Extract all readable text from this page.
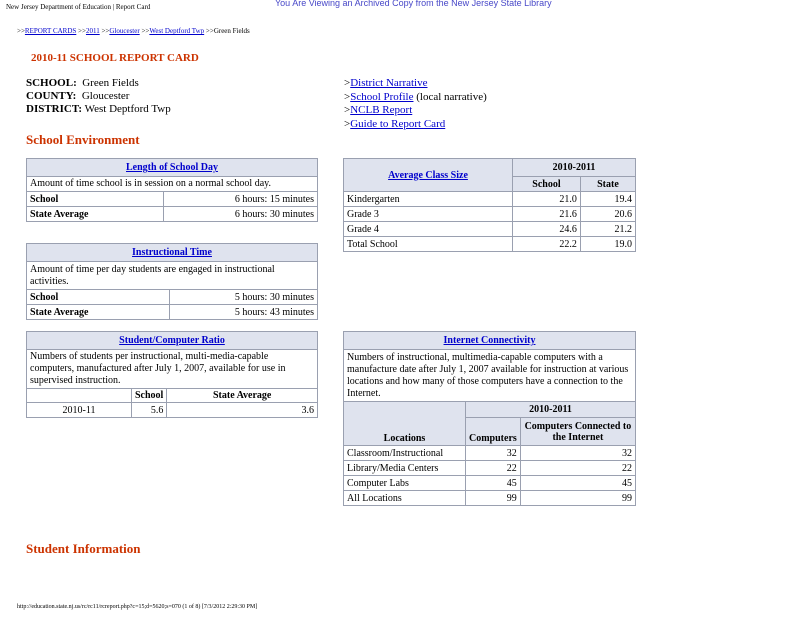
New Jersey Department of Education | Report Card	You Are Viewing an Archived Copy from the New Jersey State Library
>>REPORT CARDS >>2011 >>Gloucester >>West Deptford Twp >>Green Fields
2010-11 SCHOOL REPORT CARD
SCHOOL: Green Fields
COUNTY: Gloucester
DISTRICT: West Deptford Twp
>District Narrative
>School Profile (local narrative)
>NCLB Report
>Guide to Report Card
School Environment
Length of School Day	
Amount of time school is in session on a normal school day.	
School	6 hours: 15 minutes
State Average	6 hours: 30 minutes
Instructional Time	
Amount of time per day students are engaged in instructional activities.	
School	5 hours: 30 minutes
State Average	5 hours: 43 minutes
Student/Computer Ratio		
Numbers of students per instructional, multi-media-capable computers, manufactured after July 1, 2007, available for use in supervised instruction.		
	School	State Average
2010-11	5.6	3.6
Average Class Size	2010-2011	
	School	State
Kindergarten	21.0	19.4
Grade 3	21.6	20.6
Grade 4	24.6	21.2
Total School	22.2	19.0
Internet Connectivity		
Numbers of instructional, multimedia-capable computers with a manufacture date after July 1, 2007 available for instruction at various locations and how many of those computers have a connection to the Internet.		
Locations	2010-2011	
	Computers	Computers Connected to the Internet
Classroom/Instructional	32	32
Library/Media Centers	22	22
Computer Labs	45	45
All Locations	99	99
Student Information
http://education.state.nj.us/rc/rc11/rcreport.php?c=15;d=5620;s=070 (1 of 8) [7/3/2012 2:29:30 PM]
